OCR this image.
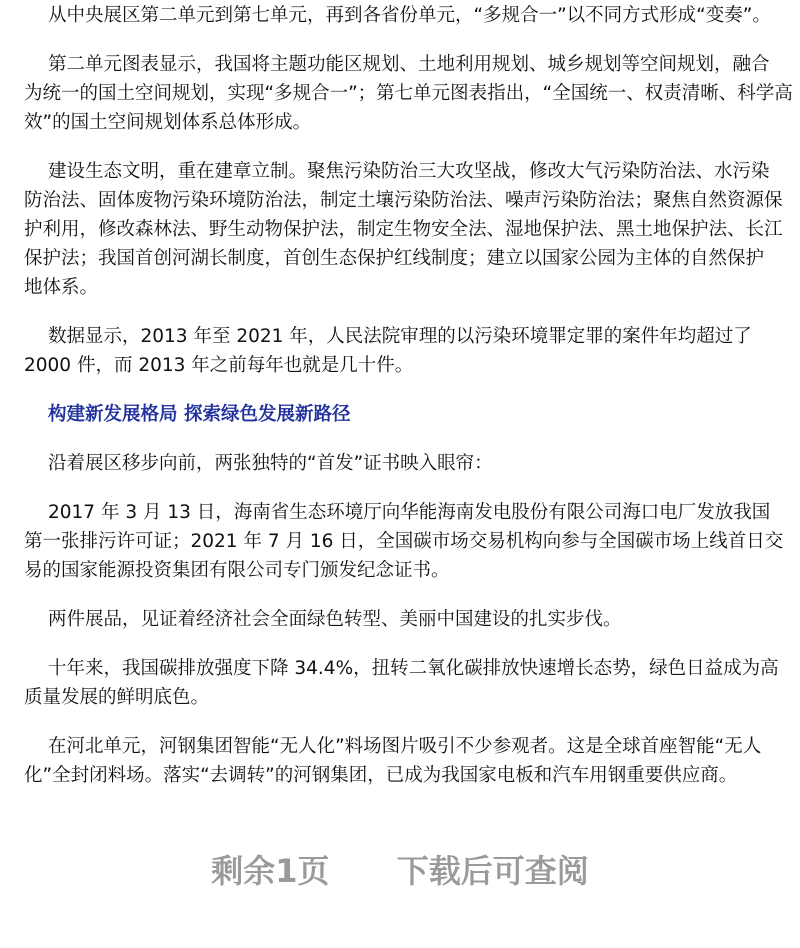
从中央展区第二单元到第七单元，再到各省份单元，“多规合一”以不同方式形成“变奏”。
第二单元图表显示，我国将主题功能区规划、土地利用规划、城乡规划等空间规划，融合
为统一的国土空间规划，实现“多规合一”；第七单元图表指出，“全国统一、权责清晰、科学高
效”的国土空间规划体系总体形成。
建设生态文明，重在建章立制。聚焦污染防治三大攻坚战，修改大气污染防治法、水污染
防治法、固体废物污染环境防治法，制定土壤污染防治法、噪声污染防治法；聚焦自然资源保
护利用，修改森林法、野生动物保护法，制定生物安全法、湿地保护法、黑土地保护法、长江
保护法；我国首创河湖长制度，首创生态保护红线制度；建立以国家公园为主体的自然保护
地体系。
数据显示，2013 年至 2021 年，人民法院审理的以污染环境罪定罪的案件年均超过了
2000 件，而 2013 年之前每年也就是几十件。
构建新发展格局 探索绿色发展新路径
沿着展区移步向前，两张独特的“首发”证书映入眼帘：
2017 年 3 月 13 日，海南省生态环境厅向华能海南发电股份有限公司海口电厂发放我国
第一张排污许可证；2021 年 7 月 16 日，全国碳市场交易机构向参与全国碳市场上线首日交
易的国家能源投资集团有限公司专门颁发纪念证书。
两件展品，见证着经济社会全面绿色转型、美丽中国建设的扎实步伐。
十年来，我国碳排放强度下降 34.4%，扭转二氧化碳排放快速增长态势，绿色日益成为高
质量发展的鲜明底色。
在河北单元，河钢集团智能“无人化”料场图片吸引不少参观者。这是全球首座智能“无人
化”全封闭料场。落实“去调转”的河钢集团，已成为我国家电板和汽车用钢重要供应商。
剩余1页 下载后可查阅
